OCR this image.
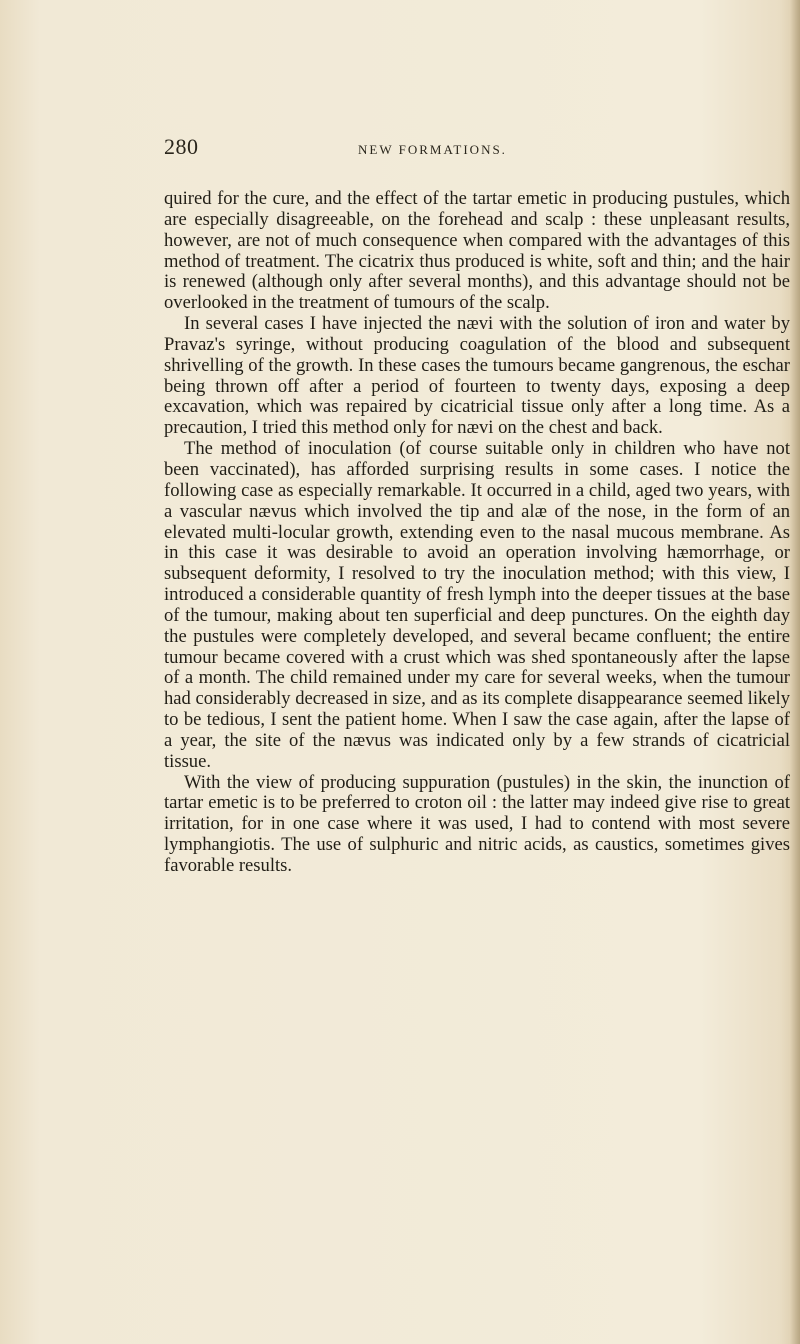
280	NEW FORMATIONS.

quired for the cure, and the effect of the tartar emetic in producing pustules, which are especially disagreeable, on the forehead and scalp : these unpleasant results, however, are not of much consequence when compared with the advantages of this method of treatment. The cicatrix thus produced is white, soft and thin; and the hair is renewed (although only after several months), and this advantage should not be overlooked in the treatment of tumours of the scalp.

In several cases I have injected the nævi with the solution of iron and water by Pravaz's syringe, without producing coagulation of the blood and subsequent shrivelling of the growth. In these cases the tumours became gangrenous, the eschar being thrown off after a period of fourteen to twenty days, exposing a deep excavation, which was repaired by cicatricial tissue only after a long time. As a precaution, I tried this method only for nævi on the chest and back.

The method of inoculation (of course suitable only in children who have not been vaccinated), has afforded surprising results in some cases. I notice the following case as especially remarkable. It occurred in a child, aged two years, with a vascular nævus which involved the tip and alæ of the nose, in the form of an elevated multi-locular growth, extending even to the nasal mucous membrane. As in this case it was desirable to avoid an operation involving hæmorrhage, or subsequent deformity, I resolved to try the inoculation method; with this view, I introduced a considerable quantity of fresh lymph into the deeper tissues at the base of the tumour, making about ten superficial and deep punctures. On the eighth day the pustules were completely developed, and several became confluent; the entire tumour became covered with a crust which was shed spontaneously after the lapse of a month. The child remained under my care for several weeks, when the tumour had considerably decreased in size, and as its complete disappearance seemed likely to be tedious, I sent the patient home. When I saw the case again, after the lapse of a year, the site of the nævus was indicated only by a few strands of cicatricial tissue.

With the view of producing suppuration (pustules) in the skin, the inunction of tartar emetic is to be preferred to croton oil : the latter may indeed give rise to great irritation, for in one case where it was used, I had to contend with most severe lymphangiotis. The use of sulphuric and nitric acids, as caustics, sometimes gives favorable results.
